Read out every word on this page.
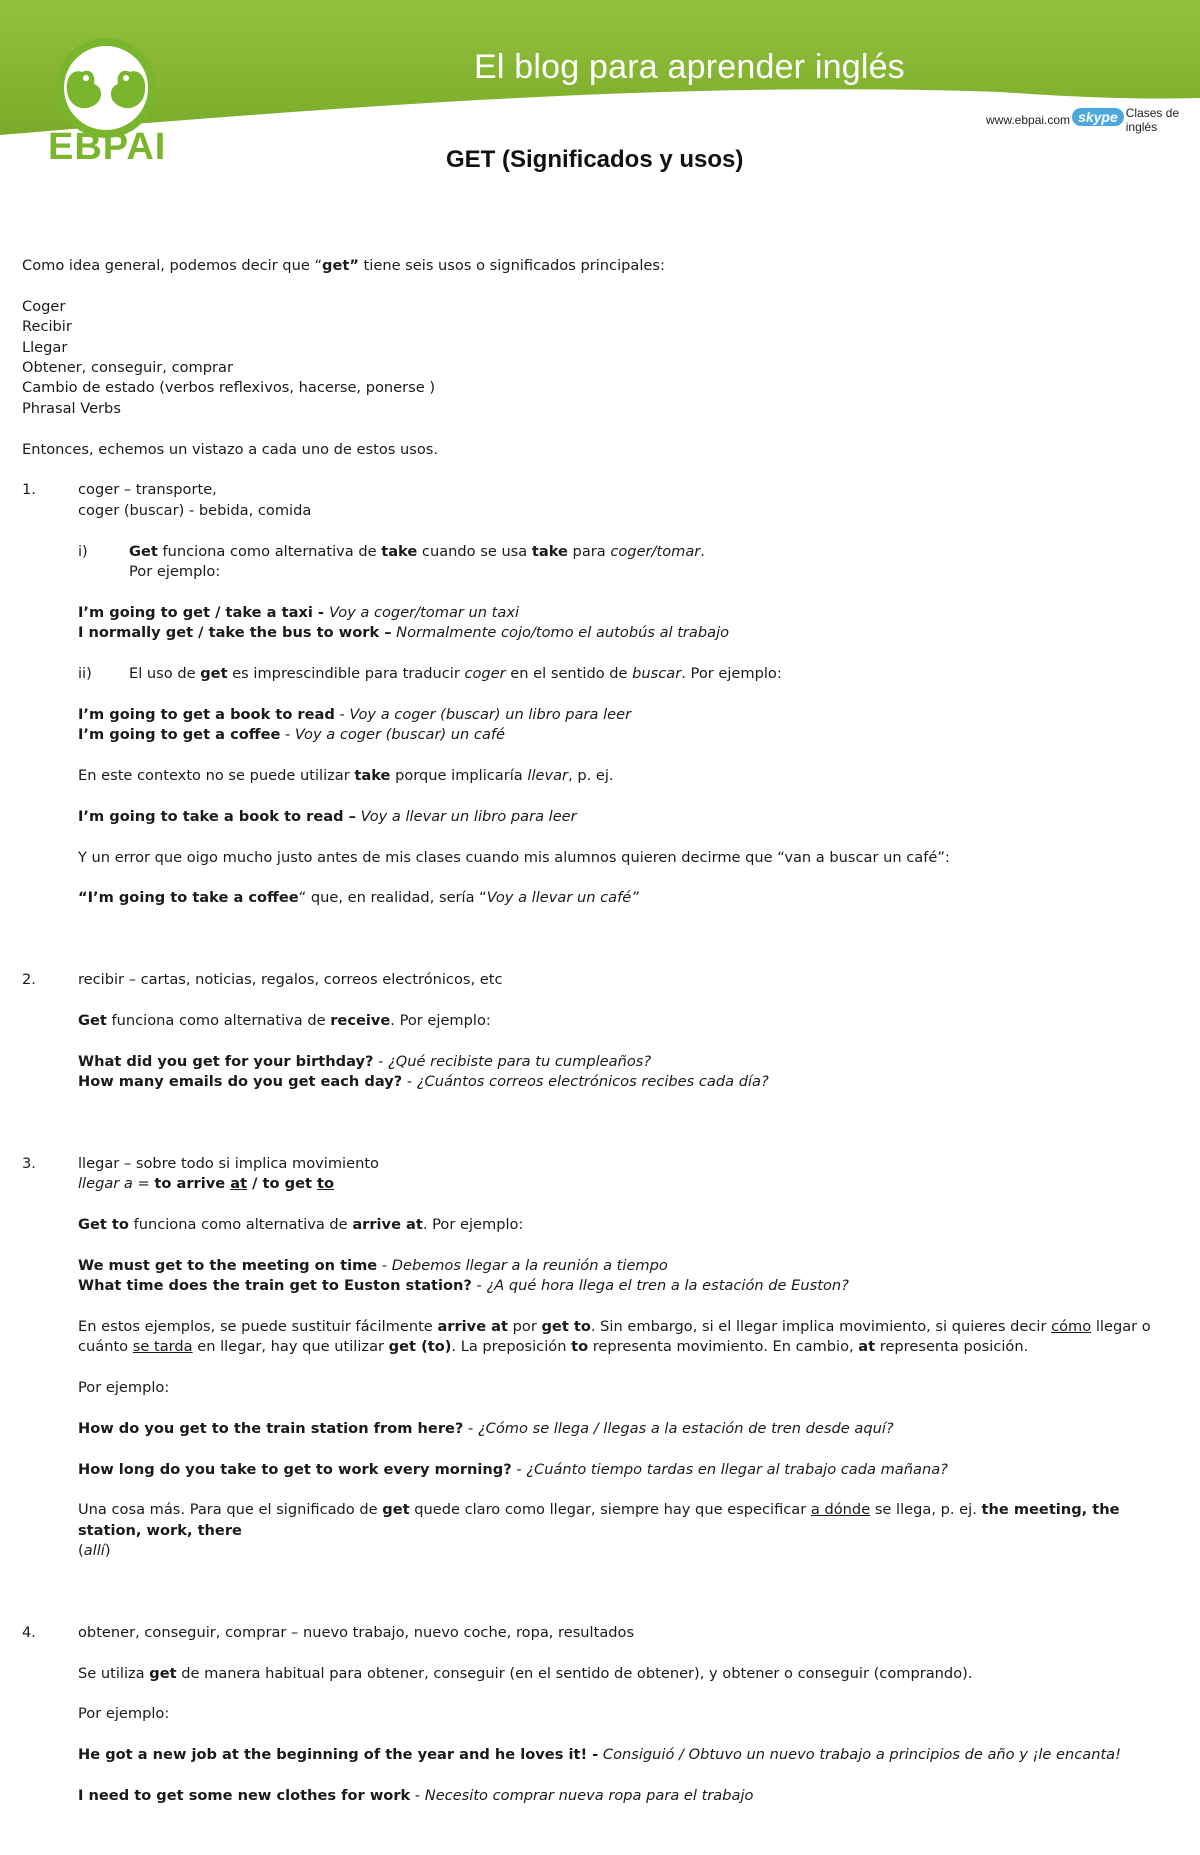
El blog para aprender inglés
www.ebpai.com skype Clases de inglés
EBPAI	GET (Significados y usos)

Como idea general, podemos decir que “get” tiene seis usos o significados principales:

Coger

Recibir

Llegar

Obtener, conseguir, comprar

Cambio de estado (verbos reflexivos, hacerse, ponerse )

Phrasal Verbs

Entonces, echemos un vistazo a cada uno de estos usos.

1.	coger – transporte,

coger (buscar) - bebida, comida

i)	Get funciona como alternativa de take cuando se usa take para coger/tomar.

Por ejemplo:

I’m going to get / take a taxi - Voy a coger/tomar un taxi

I normally get / take the bus to work – Normalmente cojo/tomo el autobús al trabajo

ii)	El uso de get es imprescindible para traducir coger en el sentido de buscar. Por ejemplo:

I’m going to get a book to read - Voy a coger (buscar) un libro para leer

I’m going to get a coffee - Voy a coger (buscar) un café

En este contexto no se puede utilizar take porque implicaría llevar, p. ej.

I’m going to take a book to read – Voy a llevar un libro para leer

Y un error que oigo mucho justo antes de mis clases cuando mis alumnos quieren decirme que “van a buscar un café”:

“I’m going to take a coffee“ que, en realidad, sería “Voy a llevar un café”

2.	recibir – cartas, noticias, regalos, correos electrónicos, etc

Get funciona como alternativa de receive. Por ejemplo:

What did you get for your birthday? - ¿Qué recibiste para tu cumpleaños?

How many emails do you get each day? - ¿Cuántos correos electrónicos recibes cada día?

3.	llegar – sobre todo si implica movimiento

llegar a = to arrive at / to get to

Get to funciona como alternativa de arrive at. Por ejemplo:

We must get to the meeting on time - Debemos llegar a la reunión a tiempo

What time does the train get to Euston station? - ¿A qué hora llega el tren a la estación de Euston?

En estos ejemplos, se puede sustituir fácilmente arrive at por get to. Sin embargo, si el llegar implica movimiento, si quieres decir cómo llegar o cuánto se tarda en llegar, hay que utilizar get (to). La preposición to representa movimiento. En cambio, at representa posición.

Por ejemplo:

How do you get to the train station from here? - ¿Cómo se llega / llegas a la estación de tren desde aquí?

How long do you take to get to work every morning? - ¿Cuánto tiempo tardas en llegar al trabajo cada mañana?

Una cosa más. Para que el significado de get quede claro como llegar, siempre hay que especificar a dónde se llega, p. ej. the meeting, the station, work, there
(allí)

4.	obtener, conseguir, comprar – nuevo trabajo, nuevo coche, ropa, resultados

Se utiliza get de manera habitual para obtener, conseguir (en el sentido de obtener), y obtener o conseguir (comprando).

Por ejemplo:

He got a new job at the beginning of the year and he loves it! - Consiguió / Obtuvo un nuevo trabajo a principios de año y ¡le encanta!

I need to get some new clothes for work - Necesito comprar nueva ropa para el trabajo
